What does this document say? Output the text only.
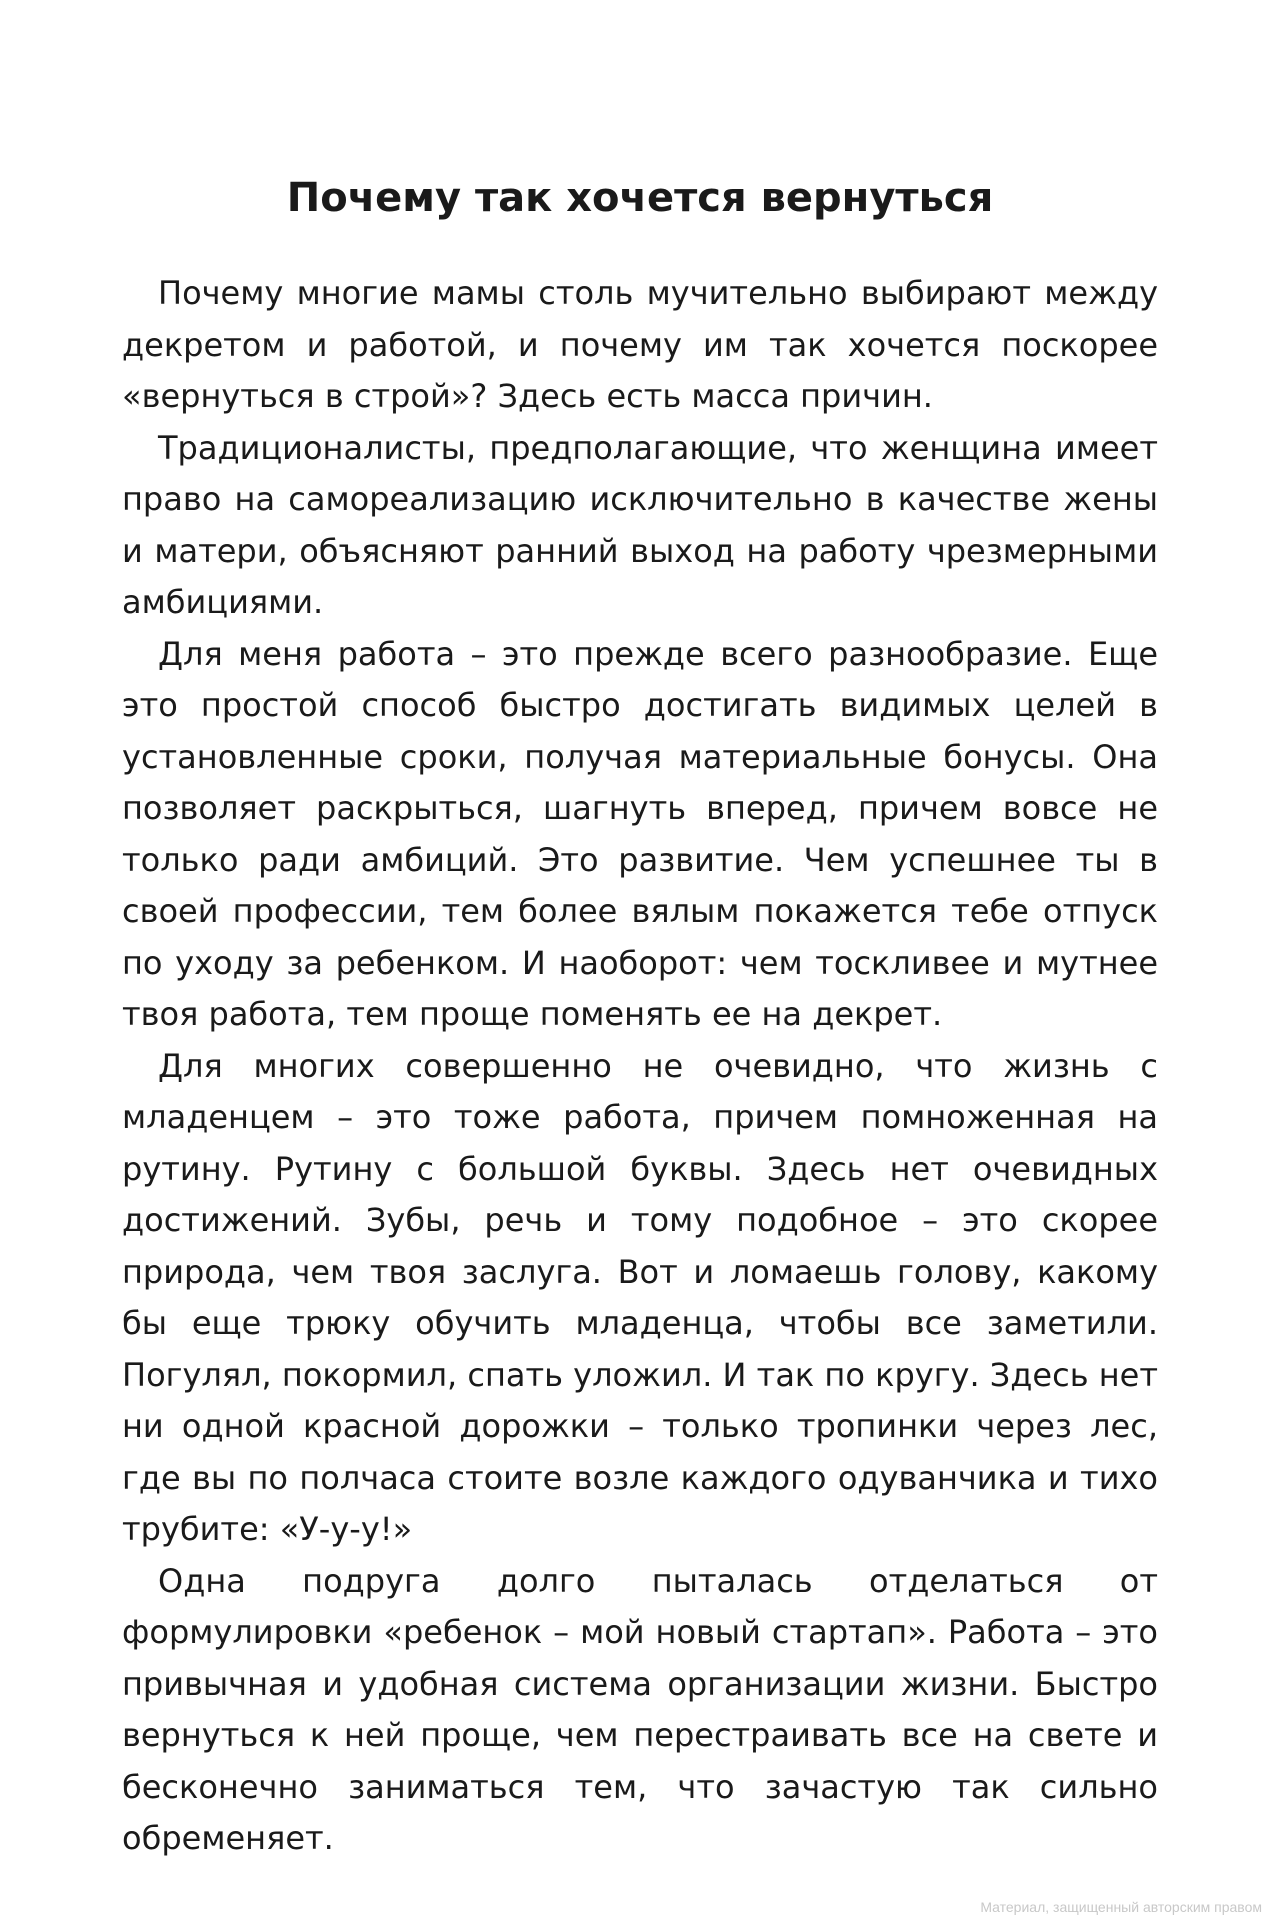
Почему так хочется вернуться

Почему многие мамы столь мучительно выбирают между декретом и работой, и почему им так хочется поскорее «вернуться в строй»? Здесь есть масса причин.

Традиционалисты, предполагающие, что женщина имеет право на самореализацию исключительно в качестве жены и матери, объясняют ранний выход на работу чрезмерными амбициями.

Для меня работа – это прежде всего разнообразие. Еще это простой способ быстро достигать видимых целей в установленные сроки, получая материальные бонусы. Она позволяет раскрыться, шагнуть вперед, причем вовсе не только ради амбиций. Это развитие. Чем успешнее ты в своей профессии, тем более вялым покажется тебе отпуск по уходу за ребенком. И наоборот: чем тоскливее и мутнее твоя работа, тем проще поменять ее на декрет.

Для многих совершенно не очевидно, что жизнь с младенцем – это тоже работа, причем помноженная на рутину. Рутину с большой буквы. Здесь нет очевидных достижений. Зубы, речь и тому подобное – это скорее природа, чем твоя заслуга. Вот и ломаешь голову, какому бы еще трюку обучить младенца, чтобы все заметили. Погулял, покормил, спать уложил. И так по кругу. Здесь нет ни одной красной дорожки – только тропинки через лес, где вы по полчаса стоите возле каждого одуванчика и тихо трубите: «У-у-у!»

Одна подруга долго пыталась отделаться от формулировки «ребенок – мой новый стартап». Работа – это привычная и удобная система организации жизни. Быстро вернуться к ней проще, чем перестраивать все на свете и бесконечно заниматься тем, что зачастую так сильно обременяет.

Материал, защищенный авторским правом
